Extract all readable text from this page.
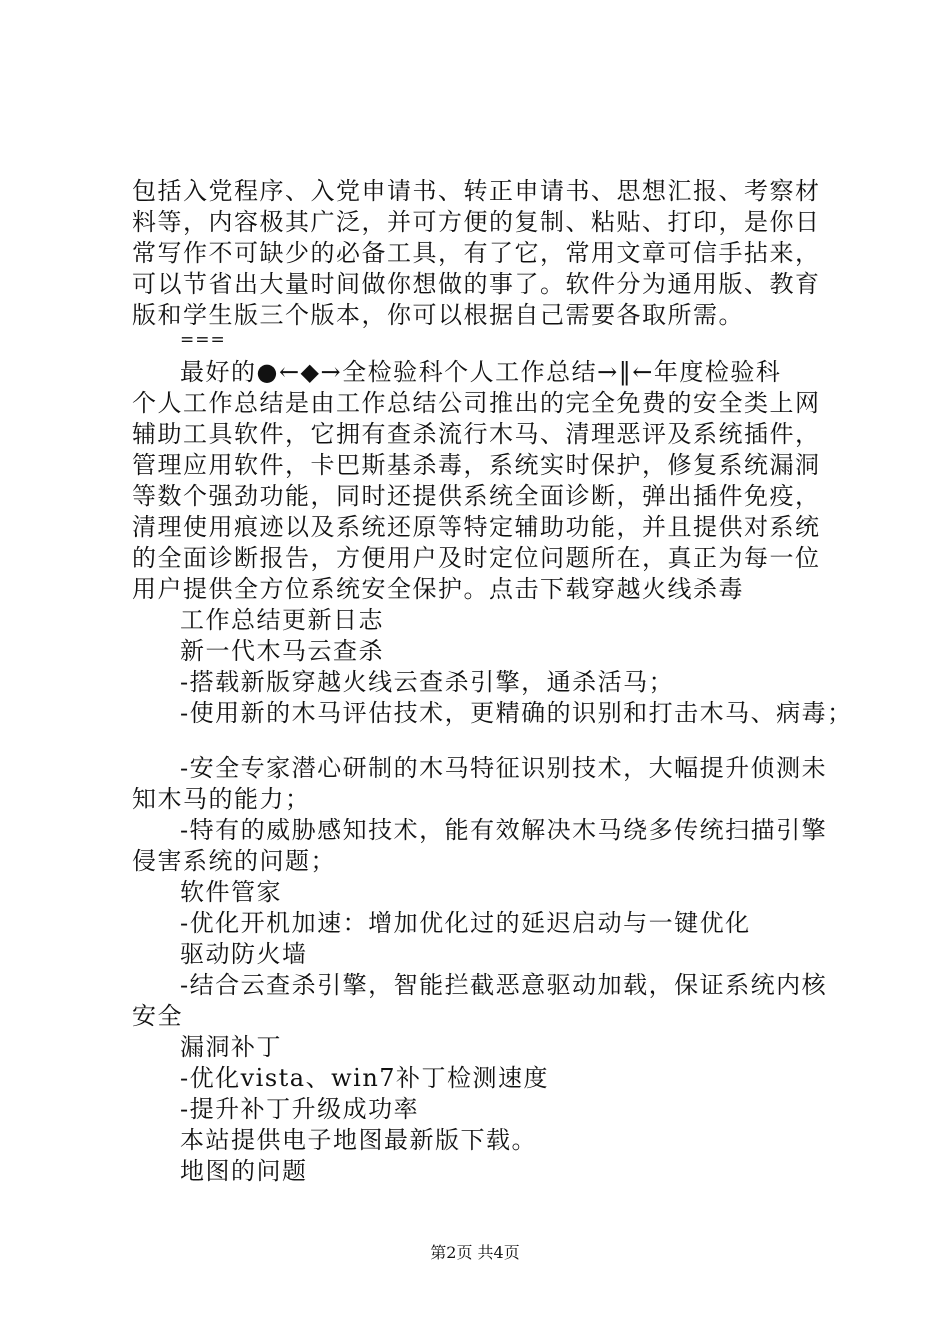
包括入党程序、入党申请书、转正申请书、思想汇报、考察材
料等，内容极其广泛，并可方便的复制、粘贴、打印，是你日
常写作不可缺少的必备工具，有了它，常用文章可信手拈来，
可以节省出大量时间做你想做的事了。软件分为通用版、教育
版和学生版三个版本，你可以根据自己需要各取所需。
===
最好的●←◆→全检验科个人工作总结→‖←年度检验科
个人工作总结是由工作总结公司推出的完全免费的安全类上网
辅助工具软件，它拥有查杀流行木马、清理恶评及系统插件，
管理应用软件，卡巴斯基杀毒，系统实时保护，修复系统漏洞
等数个强劲功能，同时还提供系统全面诊断，弹出插件免疫，
清理使用痕迹以及系统还原等特定辅助功能，并且提供对系统
的全面诊断报告，方便用户及时定位问题所在，真正为每一位
用户提供全方位系统安全保护。点击下载穿越火线杀毒
工作总结更新日志
新一代木马云查杀
-搭载新版穿越火线云查杀引擎，通杀活马；
-使用新的木马评估技术，更精确的识别和打击木马、病毒；
-安全专家潜心研制的木马特征识别技术，大幅提升侦测未
知木马的能力；
-特有的威胁感知技术，能有效解决木马绕多传统扫描引擎
侵害系统的问题；
软件管家
-优化开机加速：增加优化过的延迟启动与一键优化
驱动防火墙
-结合云查杀引擎，智能拦截恶意驱动加载，保证系统内核
安全
漏洞补丁
-优化vista、win7补丁检测速度
-提升补丁升级成功率
本站提供电子地图最新版下载。
地图的问题
第2页 共4页
